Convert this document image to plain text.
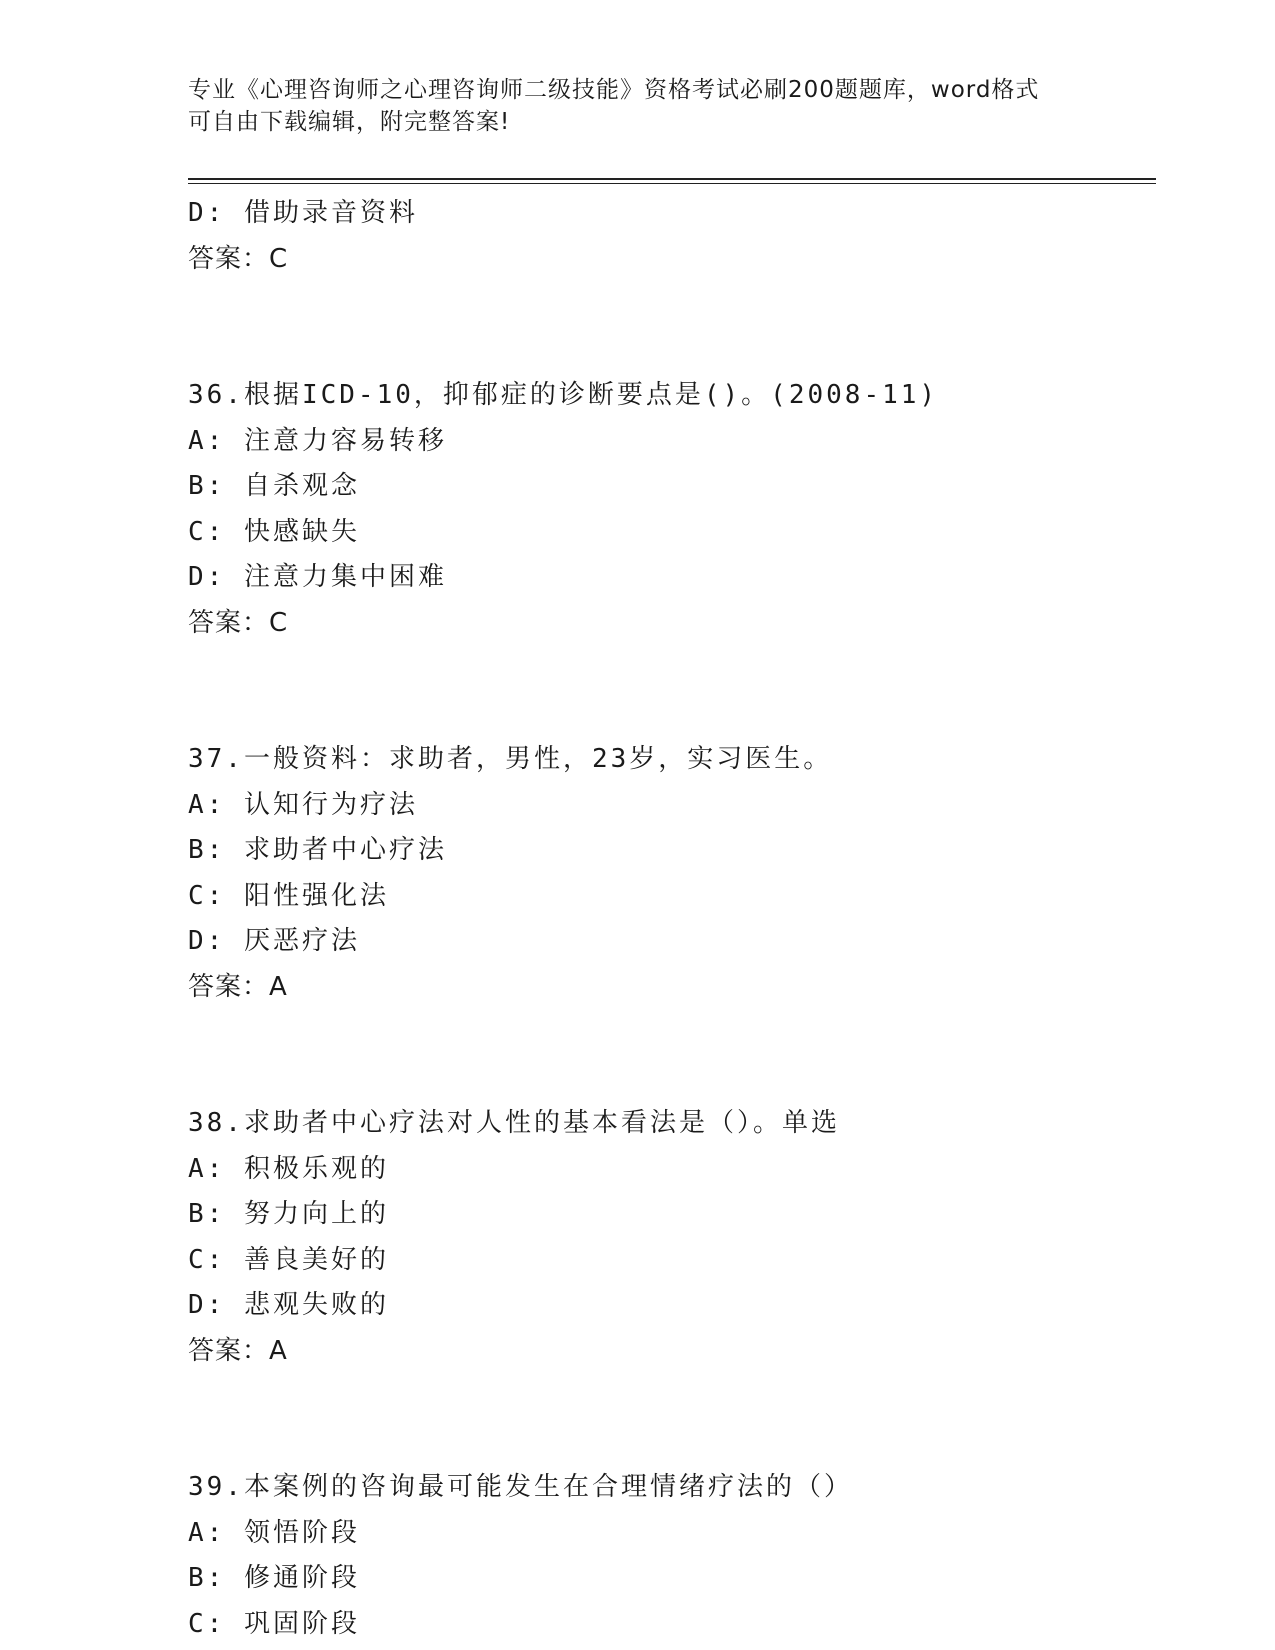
专业《心理咨询师之心理咨询师二级技能》资格考试必刷200题题库，word格式
可自由下载编辑，附完整答案!
D: 借助录音资料
答案：C
36.根据ICD-10，抑郁症的诊断要点是()。(2008-11)
A: 注意力容易转移
B: 自杀观念
C: 快感缺失
D: 注意力集中困难
答案：C
37.一般资料：求助者，男性，23岁，实习医生。
A: 认知行为疗法
B: 求助者中心疗法
C: 阳性强化法
D: 厌恶疗法
答案：A
38.求助者中心疗法对人性的基本看法是（）。单选
A: 积极乐观的
B: 努力向上的
C: 善良美好的
D: 悲观失败的
答案：A
39.本案例的咨询最可能发生在合理情绪疗法的（）
A: 领悟阶段
B: 修通阶段
C: 巩固阶段
